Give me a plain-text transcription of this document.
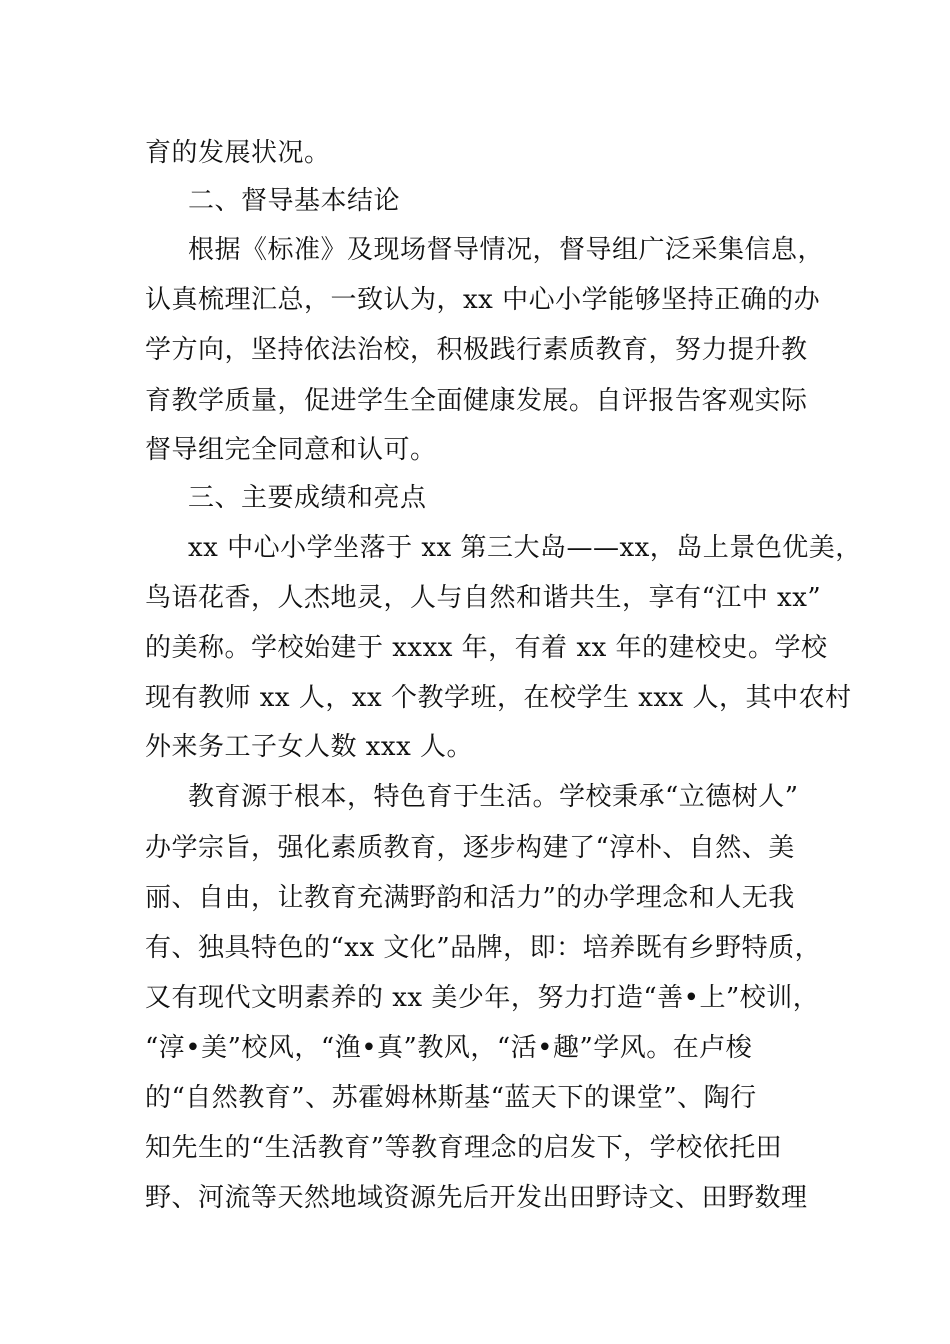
育的发展状况。
二、督导基本结论
根据《标准》及现场督导情况，督导组广泛采集信息，
认真梳理汇总，一致认为，xx 中心小学能够坚持正确的办
学方向，坚持依法治校，积极践行素质教育，努力提升教
育教学质量，促进学生全面健康发展。自评报告客观实际
督导组完全同意和认可。
三、主要成绩和亮点
xx 中心小学坐落于 xx 第三大岛——xx，岛上景色优美，
鸟语花香，人杰地灵，人与自然和谐共生，享有“江中 xx”
的美称。学校始建于 xxxx 年，有着 xx 年的建校史。学校
现有教师 xx 人，xx 个教学班，在校学生 xxx 人，其中农村
外来务工子女人数 xxx 人。
教育源于根本，特色育于生活。学校秉承“立德树人”
办学宗旨，强化素质教育，逐步构建了“淳朴、自然、美
丽、自由，让教育充满野韵和活力”的办学理念和人无我
有、独具特色的“xx 文化”品牌，即：培养既有乡野特质，
又有现代文明素养的 xx 美少年，努力打造“善•上”校训，
“淳•美”校风，“渔•真”教风，“活•趣”学风。在卢梭
的“自然教育”、苏霍姆林斯基“蓝天下的课堂”、陶行
知先生的“生活教育”等教育理念的启发下，学校依托田
野、河流等天然地域资源先后开发出田野诗文、田野数理
